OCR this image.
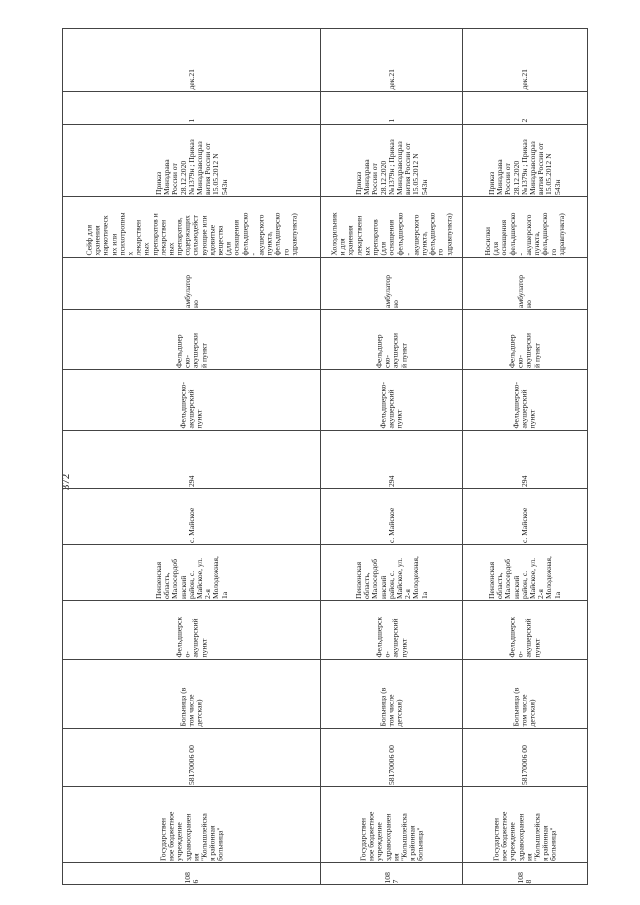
372
дек.21
1
Приказ
Минздрава
России от
28.12.2020
№1379н ; Приказ
Минздравсоцраз
вития России от
15.05.2012 N
543н
Сейф для
хранения
наркотическ
их или
психотропны
х
лекарствен
ных
препаратов и
лекарствен
ных
препаратов,
содержащих
сильнодейст
вующие или
ядовитые
вещества
(для
оснащения
фельдшерско
-
акушерского
пункта,
фельдшерско
го
здравпункта)
амбулатор
но
Фельдшер
ско-
акушерски
й пункт
Фельдшерско-
акушерский
пункт
294
с. Майское
Пензенская
область,
Малосердоб
инский
район, с.
Майское, ул.
2-я
Молодежная,
1а
Фельдшерск
о-
акушерский
пункт
Больница (в
том числе
детская)
58170006 00
Государствен
ное бюджетное
учреждение
здравоохранен
ия
"Колышлейска
я районная
больница"
108
6
дек.21
1
Приказ
Минздрава
России от
28.12.2020
№1379н ; Приказ
Минздравсоцраз
вития России от
15.05.2012 N
543н
Холодильник
и для
хранения
лекарственн
ых
препаратов
(для
оснащения
фельдшерско
-
акушерского
пункта,
фельдшерско
го
здравпункта)
амбулатор
но
Фельдшер
ско-
акушерски
й пункт
Фельдшерско-
акушерский
пункт
294
с. Майское
Пензенская
область,
Малосердоб
инский
район, с.
Майское, ул.
2-я
Молодежная,
1а
Фельдшерск
о-
акушерский
пункт
Больница (в
том числе
детская)
58170006 00
Государствен
ное бюджетное
учреждение
здравоохранен
ия
"Колышлейска
я районная
больница"
108
7
дек.21
2
Приказ
Минздрава
России от
28.12.2020
№1379н ; Приказ
Минздравсоцраз
вития России от
15.05.2012 N
543н
Носилки
(для
оснащения
фельдшерско
-
акушерского
пункта,
фельдшерско
го
здравпункта)
амбулатор
но
Фельдшер
ско-
акушерски
й пункт
Фельдшерско-
акушерский
пункт
294
с. Майское
Пензенская
область,
Малосердоб
инский
район, с.
Майское, ул.
2-я
Молодежная,
1а
Фельдшерск
о-
акушерский
пункт
Больница (в
том числе
детская)
58170006 00
Государствен
ное бюджетное
учреждение
здравоохранен
ия
"Колышлейска
я районная
больница"
108
8
